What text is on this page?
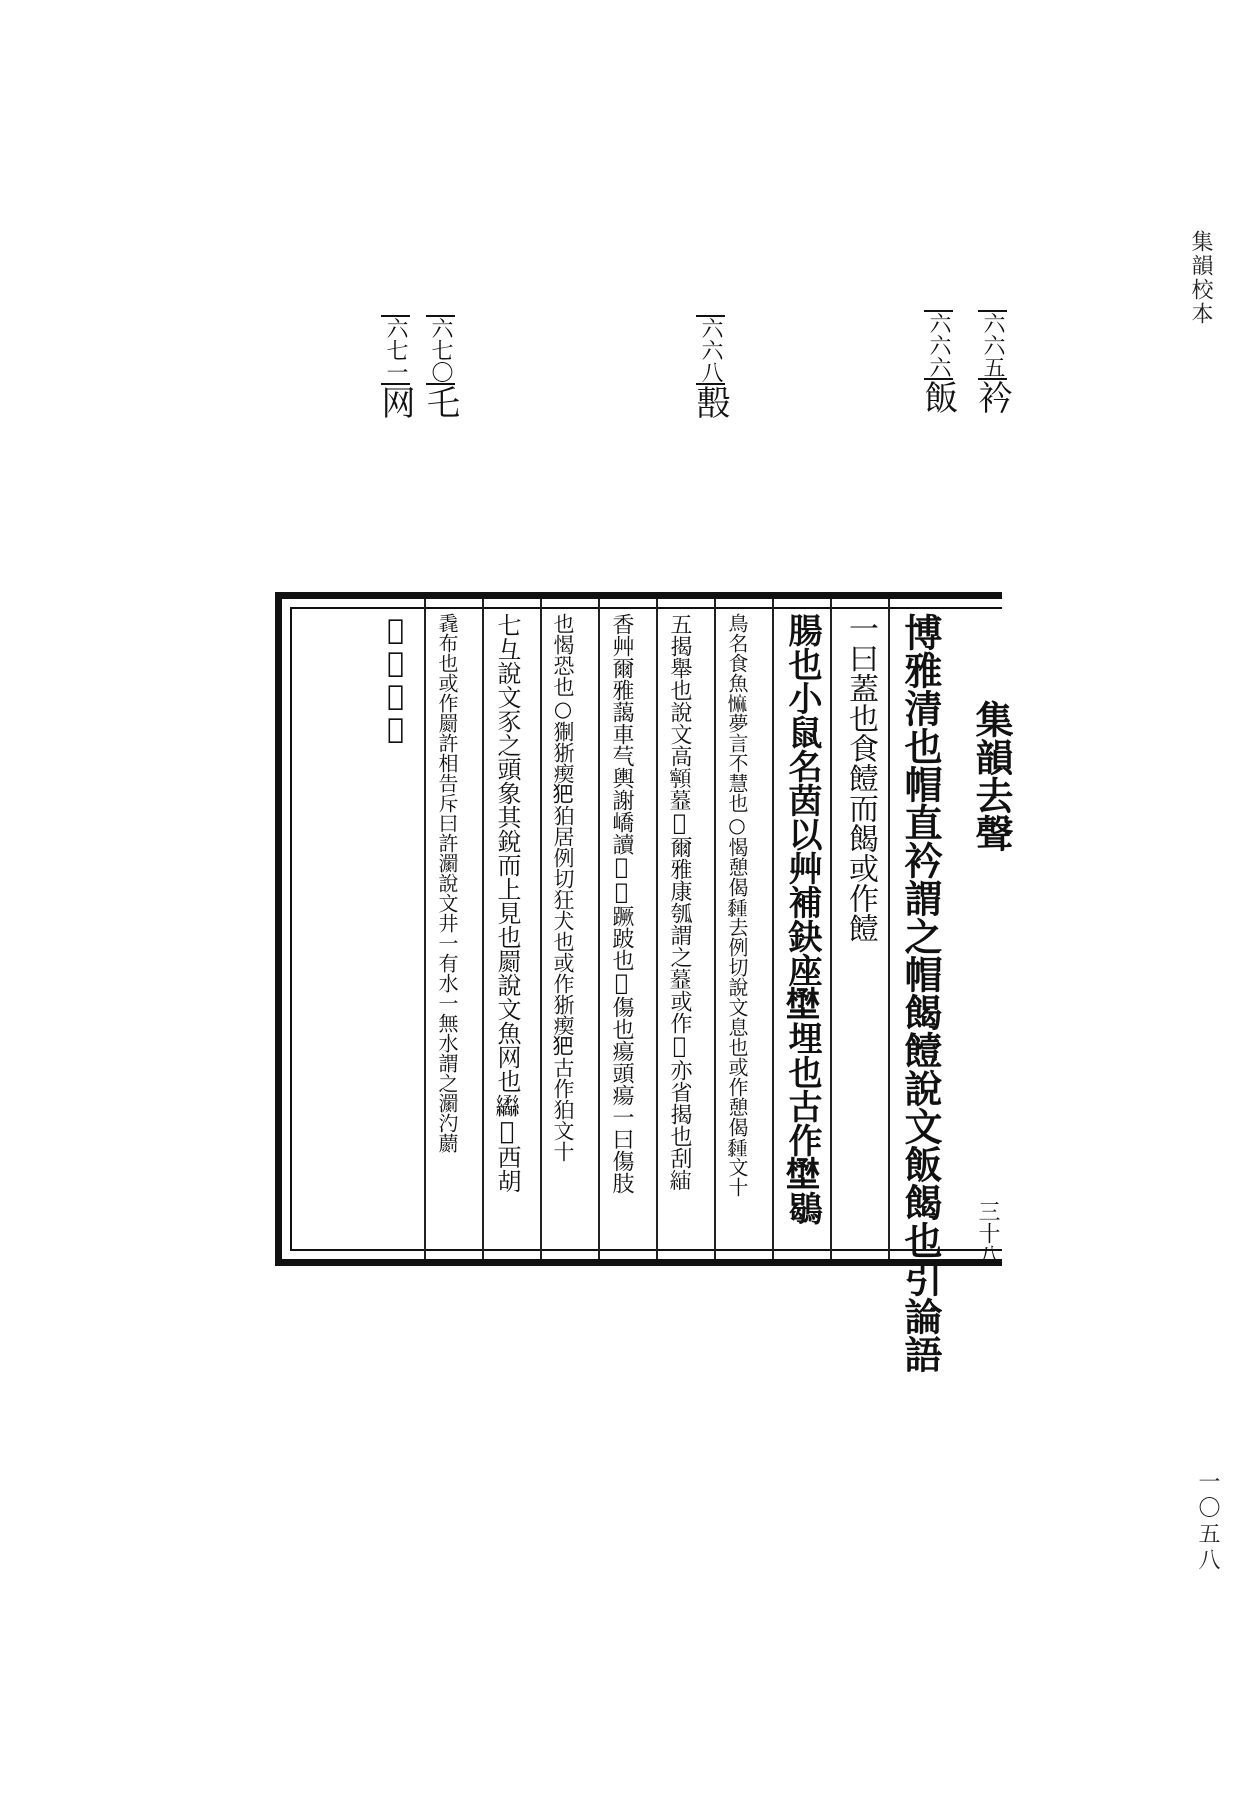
集韻校本
一〇五八
六六五衿
六六六飯
六六八毄
六七〇乇
六七一网
博雅清也帽直衿謂之帽餲饐說文飯餲也引論語
一曰蓋也食饐而餲或作饐
腸也小鼠名茵以艸補鈌座𡐨埋也古作𡐨鶡
鳥名食魚𢠩夢言不慧也○愒憩偈𪐈去例切說文息也或作憩偈𪐈文十
五揭舉也說文高𩕳𩐍𩐎爾雅康瓠謂之𩐍或作𩐎亦省揭也刮𦁖
香艸爾雅藹車芞輿謝嶠讀𡐺𡐹蹶跛也𥱼傷也瘍頭瘍一曰傷肢
也愒恐也○猘狾瘈𤜱狛居例切狂犬也或作狾瘈𤜱古作狛文十
七彑說文豕之頭象其銳而上見也罽說文魚网也𦇹𦄵西胡
毳布也或作罽許相告斥曰許瀱說文井一有水一無水謂之瀱汋蘮
𦄵通作罽
集韻去聲
三十八
